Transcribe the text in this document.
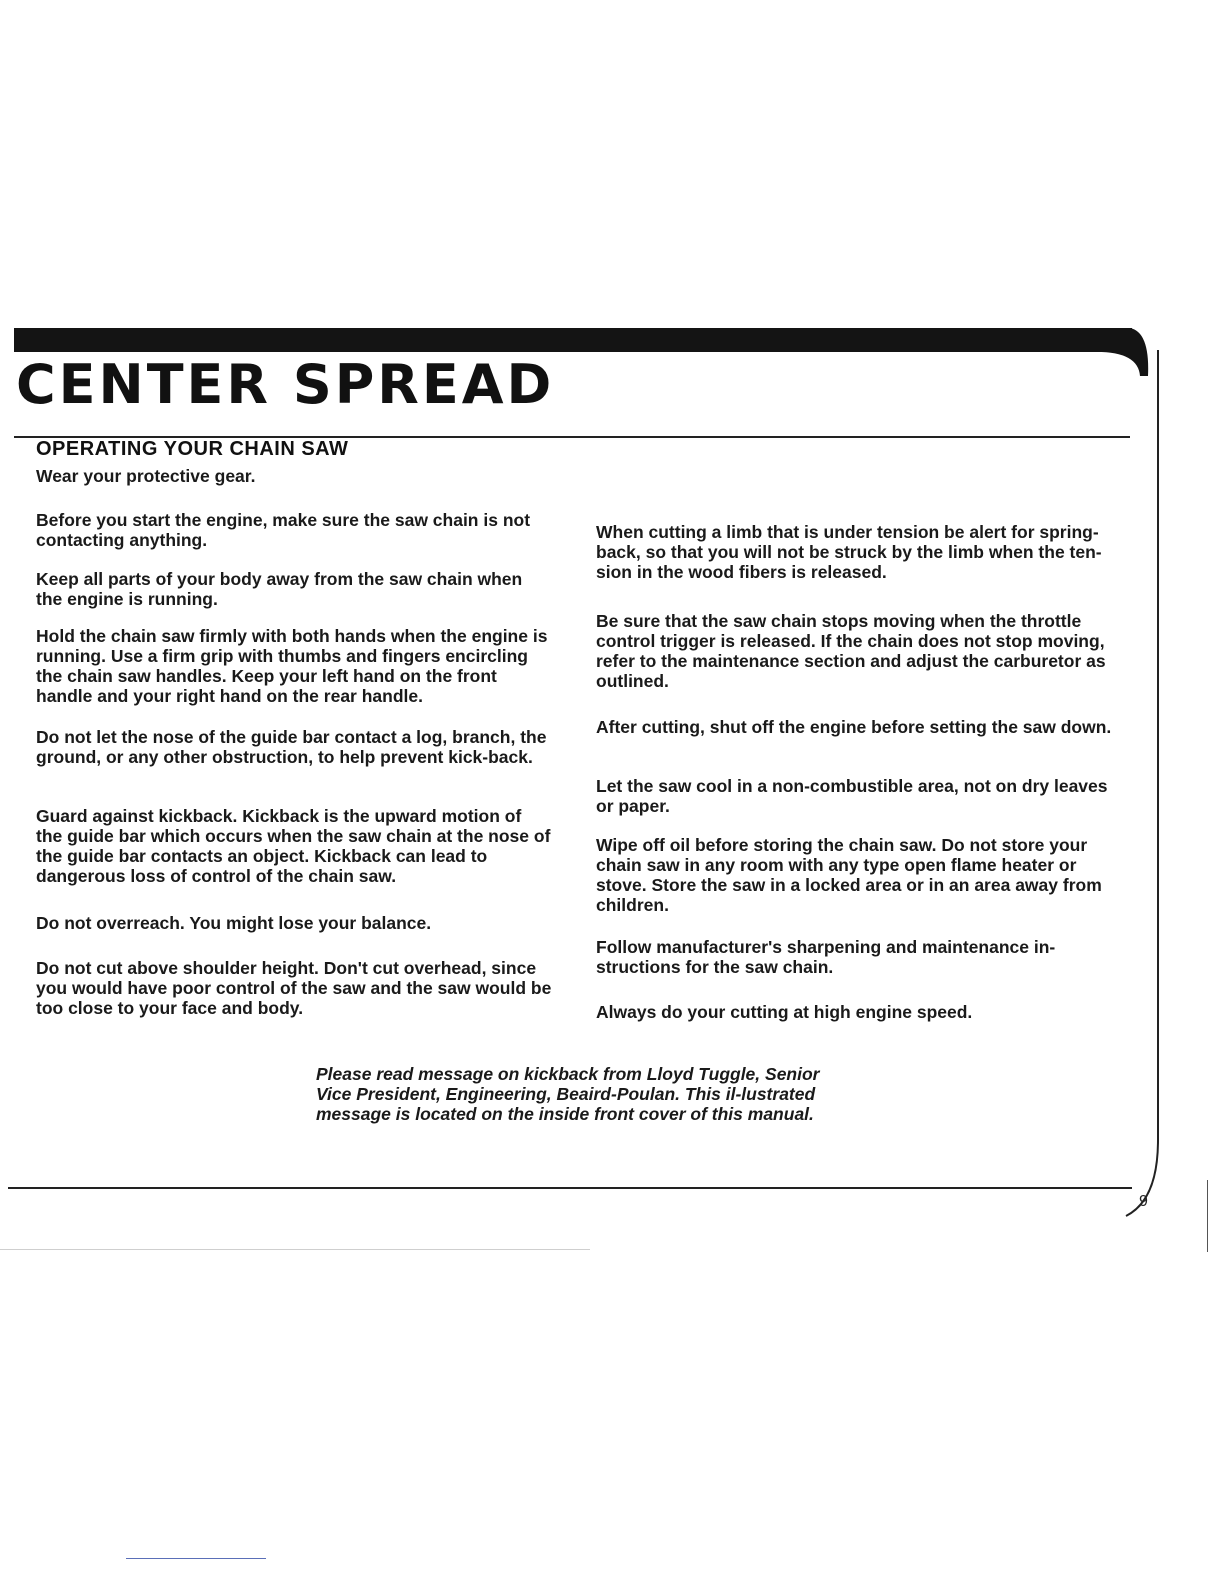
CENTER SPREAD
OPERATING YOUR CHAIN SAW

Wear your protective gear.

Before you start the engine, make sure the saw chain is not contacting anything.

Keep all parts of your body away from the saw chain when the engine is running.

Hold the chain saw firmly with both hands when the engine is running. Use a firm grip with thumbs and fingers encircling the chain saw handles. Keep your left hand on the front handle and your right hand on the rear handle.

Do not let the nose of the guide bar contact a log, branch, the ground, or any other obstruction, to help prevent kick-back.

Guard against kickback. Kickback is the upward motion of the guide bar which occurs when the saw chain at the nose of the guide bar contacts an object. Kickback can lead to dangerous loss of control of the chain saw.

Do not overreach. You might lose your balance.

Do not cut above shoulder height. Don't cut overhead, since you would have poor control of the saw and the saw would be too close to your face and body.

When cutting a limb that is under tension be alert for spring-back, so that you will not be struck by the limb when the ten-sion in the wood fibers is released.

Be sure that the saw chain stops moving when the throttle control trigger is released. If the chain does not stop moving, refer to the maintenance section and adjust the carburetor as outlined.

After cutting, shut off the engine before setting the saw down.

Let the saw cool in a non-combustible area, not on dry leaves or paper.

Wipe off oil before storing the chain saw. Do not store your chain saw in any room with any type open flame heater or stove. Store the saw in a locked area or in an area away from children.

Follow manufacturer's sharpening and maintenance in-structions for the saw chain.

Always do your cutting at high engine speed.

Please read message on kickback from Lloyd Tuggle, Senior Vice President, Engineering, Beaird-Poulan. This il-lustrated message is located on the inside front cover of this manual.

9
